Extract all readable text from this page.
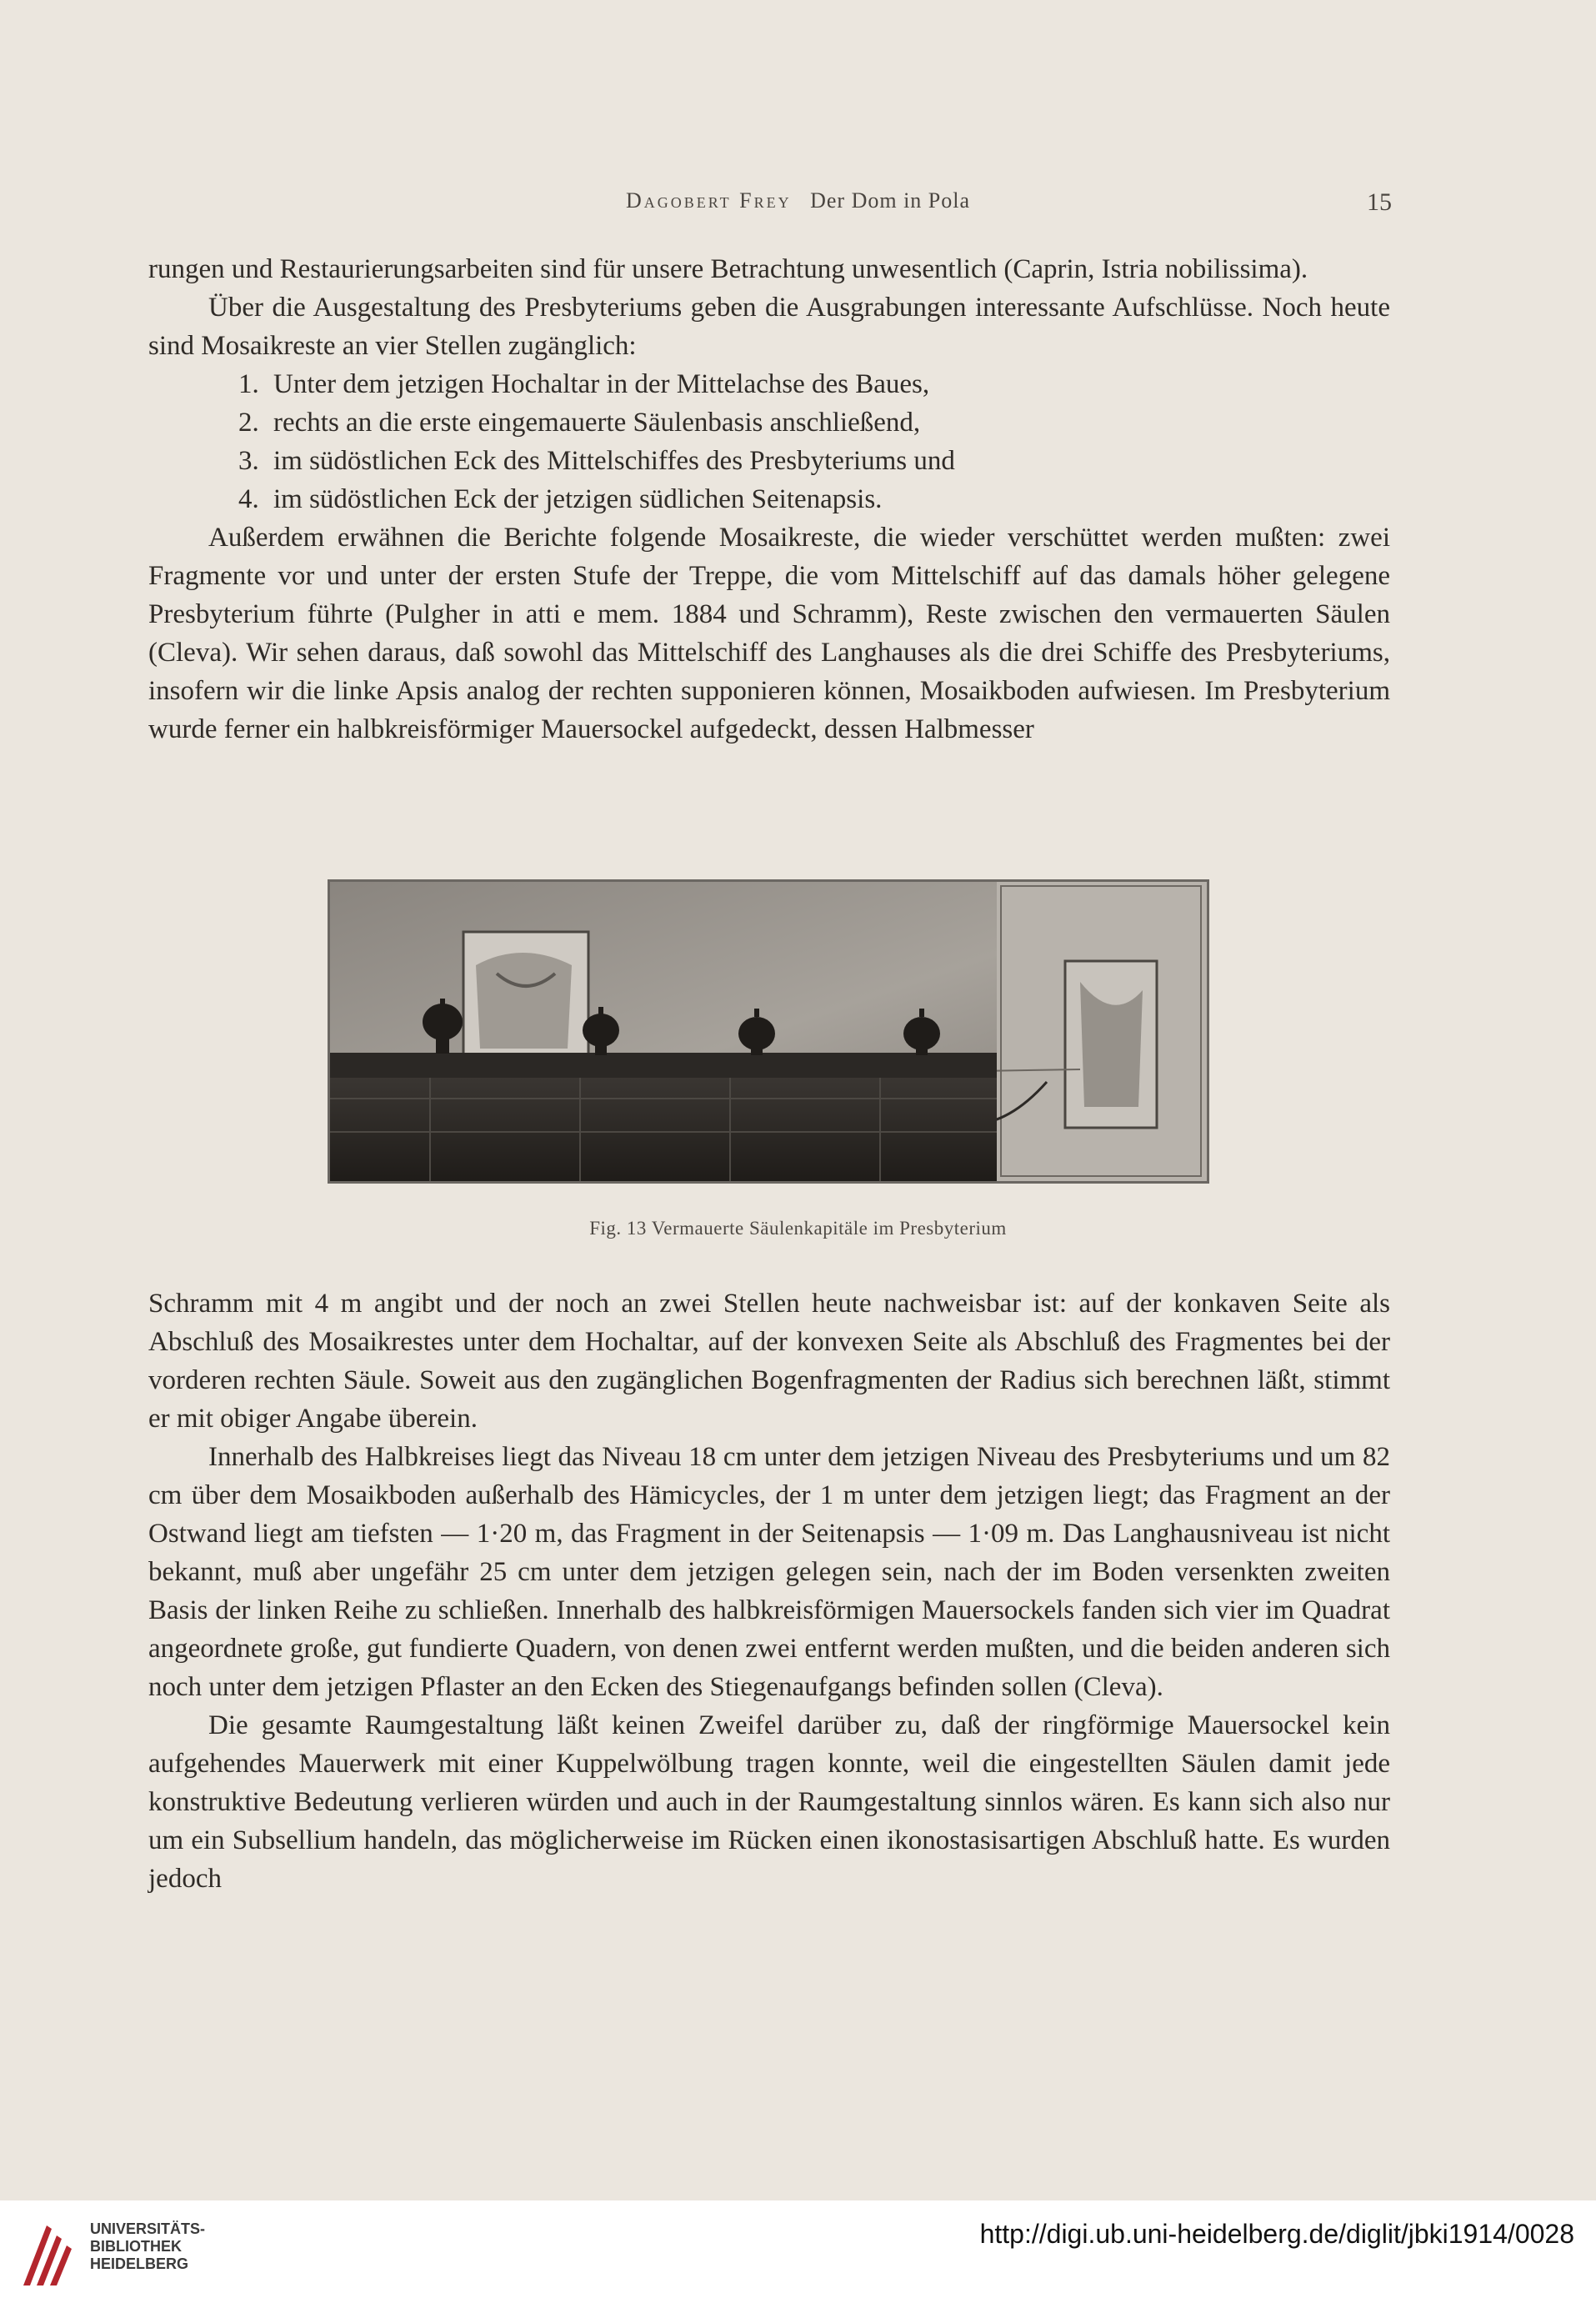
Dagobert Frey Der Dom in Pola	15

rungen und Restaurierungsarbeiten sind für unsere Betrachtung unwesentlich (Caprin, Istria nobilissima).

Über die Ausgestaltung des Presbyteriums geben die Ausgrabungen interessante Aufschlüsse. Noch heute sind Mosaikreste an vier Stellen zugänglich:

1. Unter dem jetzigen Hochaltar in der Mittelachse des Baues,

2. rechts an die erste eingemauerte Säulenbasis anschließend,

3. im südöstlichen Eck des Mittelschiffes des Presbyteriums und

4. im südöstlichen Eck der jetzigen südlichen Seitenapsis.

Außerdem erwähnen die Berichte folgende Mosaikreste, die wieder verschüttet werden mußten: zwei Fragmente vor und unter der ersten Stufe der Treppe, die vom Mittelschiff auf das damals höher gelegene Presbyterium führte (Pulgher in atti e mem. 1884 und Schramm), Reste zwischen den vermauerten Säulen (Cleva). Wir sehen daraus, daß sowohl das Mittelschiff des Langhauses als die drei Schiffe des Presbyteriums, insofern wir die linke Apsis analog der rechten supponieren können, Mosaikboden aufwiesen. Im Presbyterium wurde ferner ein halbkreisförmiger Mauersockel aufgedeckt, dessen Halbmesser

Fig. 13 Vermauerte Säulenkapitäle im Presbyterium

Schramm mit 4 m angibt und der noch an zwei Stellen heute nachweisbar ist: auf der konkaven Seite als Abschluß des Mosaikrestes unter dem Hochaltar, auf der konvexen Seite als Abschluß des Fragmentes bei der vorderen rechten Säule. Soweit aus den zugänglichen Bogenfragmenten der Radius sich berechnen läßt, stimmt er mit obiger Angabe überein.

Innerhalb des Halbkreises liegt das Niveau 18 cm unter dem jetzigen Niveau des Presbyteriums und um 82 cm über dem Mosaikboden außerhalb des Hämicycles, der 1 m unter dem jetzigen liegt; das Fragment an der Ostwand liegt am tiefsten — 1·20 m, das Fragment in der Seitenapsis — 1·09 m. Das Langhausniveau ist nicht bekannt, muß aber ungefähr 25 cm unter dem jetzigen gelegen sein, nach der im Boden versenkten zweiten Basis der linken Reihe zu schließen. Innerhalb des halbkreisförmigen Mauersockels fanden sich vier im Quadrat angeordnete große, gut fundierte Quadern, von denen zwei entfernt werden mußten, und die beiden anderen sich noch unter dem jetzigen Pflaster an den Ecken des Stiegenaufgangs befinden sollen (Cleva).

Die gesamte Raumgestaltung läßt keinen Zweifel darüber zu, daß der ringförmige Mauersockel kein aufgehendes Mauerwerk mit einer Kuppelwölbung tragen konnte, weil die eingestellten Säulen damit jede konstruktive Bedeutung verlieren würden und auch in der Raumgestaltung sinnlos wären. Es kann sich also nur um ein Subsellium handeln, das möglicherweise im Rücken einen ikonostasisartigen Abschluß hatte. Es wurden jedoch

UNIVERSITÄTS-
BIBLIOTHEK
HEIDELBERG
http://digi.ub.uni-heidelberg.de/diglit/jbki1914/0028
